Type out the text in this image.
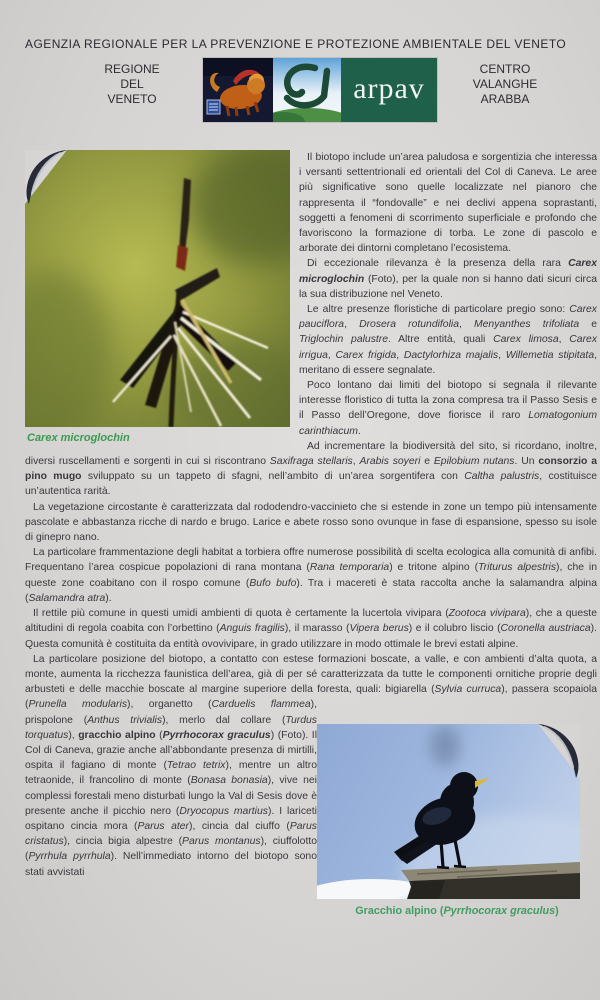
AGENZIA REGIONALE PER LA PREVENZIONE E PROTEZIONE AMBIENTALE DEL VENETO
REGIONE
DEL
VENETO	arpav
CENTRO
VALANGHE
ARABBA
Carex microglochin

Il biotopo include un’area paludosa e sorgentizia che interessa i versanti settentrionali ed orientali del Col di Caneva. Le aree più significative sono quelle localizzate nel pianoro che rappresenta il “fondovalle” e nei declivi appena soprastanti, soggetti a fenomeni di scorrimento superficiale e profondo che favoriscono la formazione di torba. Le zone di pascolo e arborate dei dintorni completano l’ecosistema.

Di eccezionale rilevanza è la presenza della rara Carex microglochin (Foto), per la quale non si hanno dati sicuri circa la sua distribuzione nel Veneto.

Le altre presenze floristiche di particolare pregio sono: Carex pauciflora, Drosera rotundifolia, Menyanthes trifoliata e Triglochin palustre. Altre entità, quali Carex limosa, Carex irrigua, Carex frigida, Dactylorhiza majalis, Willemetia stipitata, meritano di essere segnalate.

Poco lontano dai limiti del biotopo si segnala il rilevante interesse floristico di tutta la zona compresa tra il Passo Sesis e il Passo dell’Oregone, dove fiorisce il raro Lomatogonium carinthiacum.

Ad incrementare la biodiversità del sito, si ricordano, inoltre, diversi ruscellamenti e sorgenti in cui si riscontrano Saxifraga stellaris, Arabis soyeri e Epilobium nutans. Un consorzio a pino mugo sviluppato su un tappeto di sfagni, nell’ambito di un’area sorgentifera con Caltha palustris, costituisce un’autentica rarità.

La vegetazione circostante è caratterizzata dal rododendro-vaccinieto che si estende in zone un tempo più intensamente pascolate e abbastanza ricche di nardo e brugo. Larice e abete rosso sono ovunque in fase di espansione, spesso su isole di ginepro nano.

La particolare frammentazione degli habitat a torbiera offre numerose possibilità di scelta ecologica alla comunità di anfibi. Frequentano l’area cospicue popolazioni di rana montana (Rana temporaria) e tritone alpino (Triturus alpestris), che in queste zone coabitano con il rospo comune (Bufo bufo). Tra i macereti è stata raccolta anche la salamandra alpina (Salamandra atra).

Il rettile più comune in questi umidi ambienti di quota è certamente la lucertola vivipara (Zootoca vivipara), che a queste altitudini di regola coabita con l’orbettino (Anguis fragilis), il marasso (Vipera berus) e il colubro liscio (Coronella austriaca). Questa comunità è costituita da entità ovovivipare, in grado utilizzare in modo ottimale le brevi estati alpine.

Gracchio alpino (Pyrrhocorax graculus)

La particolare posizione del biotopo, a contatto con estese formazioni boscate, a valle, e con ambienti d’alta quota, a monte, aumenta la ricchezza faunistica dell’area, già di per sé caratterizzata da tutte le componenti ornitiche proprie degli arbusteti e delle macchie boscate al margine superiore della foresta, quali: bigiarella (Sylvia curruca), passera scopaiola (Prunella modularis), organetto (Carduelis flammea), prispolone (Anthus trivialis), merlo dal collare (Turdus torquatus), gracchio alpino (Pyrrhocorax graculus) (Foto). Il Col di Caneva, grazie anche all’abbondante presenza di mirtilli, ospita il fagiano di monte (Tetrao tetrix), mentre un altro tetraonide, il francolino di monte (Bonasa bonasia), vive nei complessi forestali meno disturbati lungo la Val di Sesis dove è presente anche il picchio nero (Dryocopus martius). I lariceti ospitano cincia mora (Parus ater), cincia dal ciuffo (Parus cristatus), cincia bigia alpestre (Parus montanus), ciuffolotto (Pyrrhula pyrrhula). Nell’immediato intorno del biotopo sono stati avvistati
